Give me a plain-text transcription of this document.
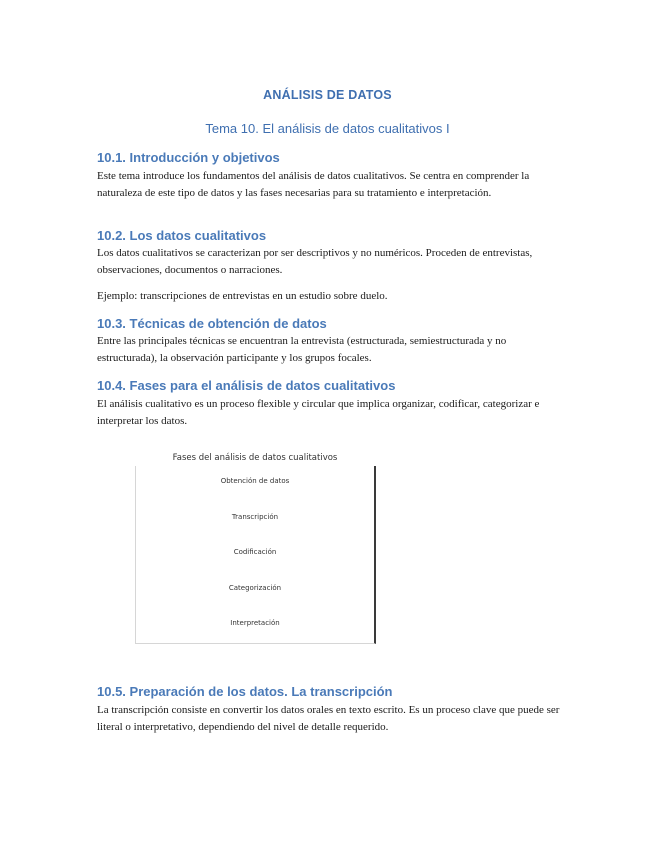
ANÁLISIS DE DATOS
Tema 10. El análisis de datos cualitativos I
10.1. Introducción y objetivos
Este tema introduce los fundamentos del análisis de datos cualitativos. Se centra en comprender la naturaleza de este tipo de datos y las fases necesarias para su tratamiento e interpretación.
10.2. Los datos cualitativos
Los datos cualitativos se caracterizan por ser descriptivos y no numéricos. Proceden de entrevistas, observaciones, documentos o narraciones.
Ejemplo: transcripciones de entrevistas en un estudio sobre duelo.
10.3. Técnicas de obtención de datos
Entre las principales técnicas se encuentran la entrevista (estructurada, semiestructurada y no estructurada), la observación participante y los grupos focales.
10.4. Fases para el análisis de datos cualitativos
El análisis cualitativo es un proceso flexible y circular que implica organizar, codificar, categorizar e interpretar los datos.
Fases del análisis de datos cualitativos
Obtención de datos
Transcripción
Codificación
Categorización
Interpretación
10.5. Preparación de los datos. La transcripción
La transcripción consiste en convertir los datos orales en texto escrito. Es un proceso clave que puede ser literal o interpretativo, dependiendo del nivel de detalle requerido.
